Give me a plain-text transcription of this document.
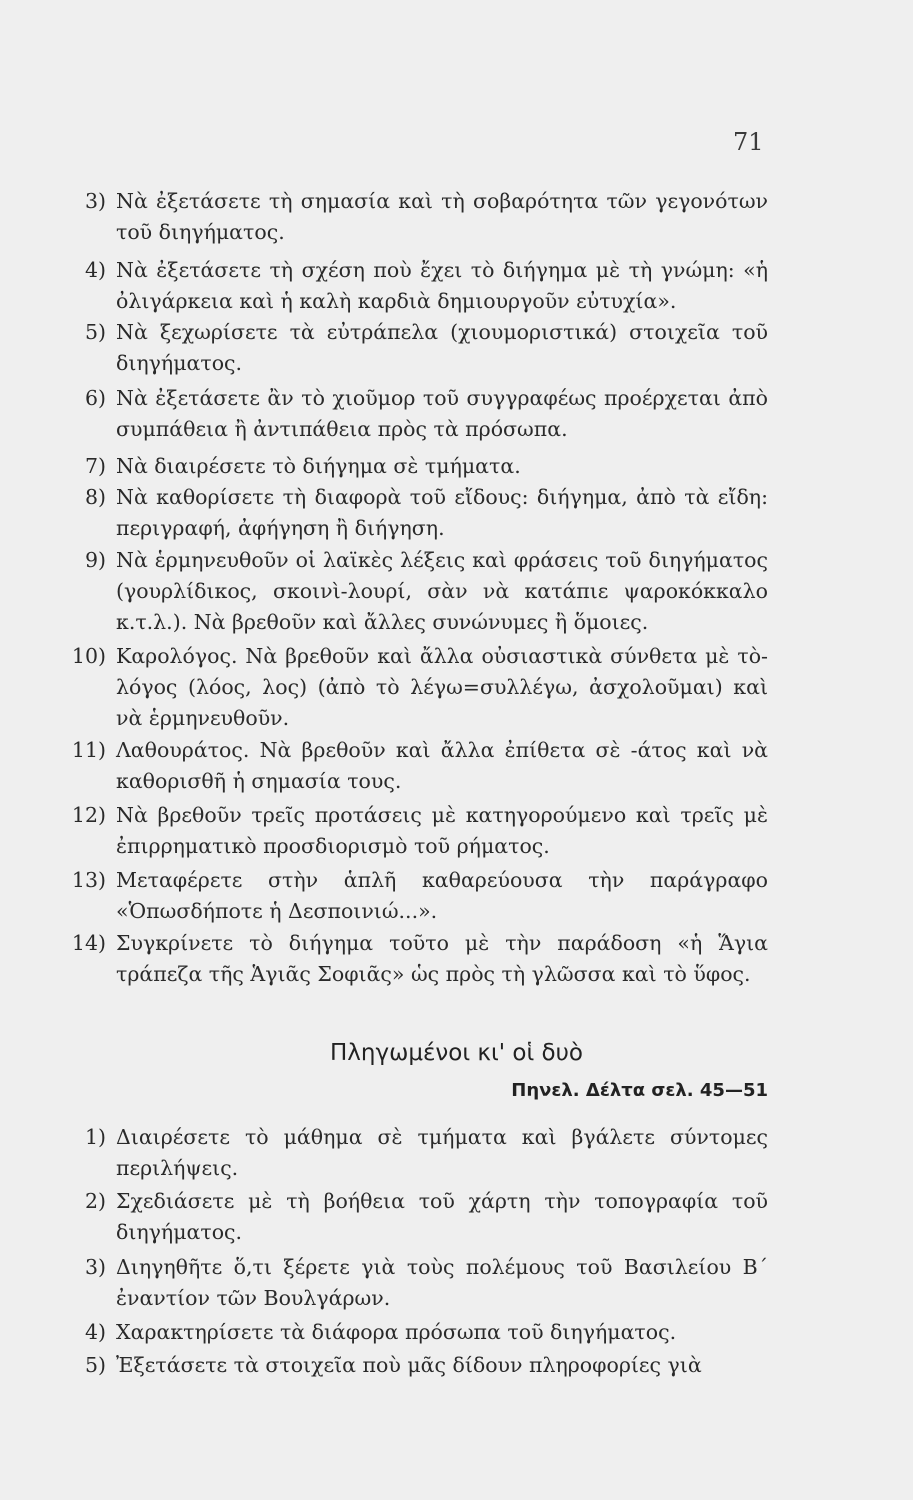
71
3) Νὰ ἐξετάσετε τὴ σημασία καὶ τὴ σοβαρότητα τῶν γεγονότων τοῦ διηγήματος.
4) Νὰ ἐξετάσετε τὴ σχέση ποὺ ἔχει τὸ διήγημα μὲ τὴ γνώμη: «ἡ ὀλιγάρκεια καὶ ἡ καλὴ καρδιὰ δημιουργοῦν εὐτυχία».
5) Νὰ ξεχωρίσετε τὰ εὐτράπελα (χιουμοριστικά) στοιχεῖα τοῦ διηγήματος.
6) Νὰ ἐξετάσετε ἂν τὸ χιοῦμορ τοῦ συγγραφέως προέρχεται ἀπὸ συμπάθεια ἢ ἀντιπάθεια πρὸς τὰ πρόσωπα.
7) Νὰ διαιρέσετε τὸ διήγημα σὲ τμήματα.
8) Νὰ καθορίσετε τὴ διαφορὰ τοῦ εἴδους: διήγημα, ἀπὸ τὰ εἴδη: περιγραφή, ἀφήγηση ἢ διήγηση.
9) Νὰ ἑρμηνευθοῦν οἱ λαϊκὲς λέξεις καὶ φράσεις τοῦ διηγήματος (γουρλίδικος, σκοινὶ-λουρί, σὰν νὰ κατάπιε ψαροκόκκαλο κ.τ.λ.). Νὰ βρεθοῦν καὶ ἄλλες συνώνυμες ἢ ὅμοιες.
10) Καρολόγος. Νὰ βρεθοῦν καὶ ἄλλα οὐσιαστικὰ σύνθετα μὲ τὸ-λόγος (λόος, λος) (ἀπὸ τὸ λέγω=συλλέγω, ἀσχολοῦμαι) καὶ νὰ ἑρμηνευθοῦν.
11) Λαθουράτος. Νὰ βρεθοῦν καὶ ἄλλα ἐπίθετα σὲ -άτος καὶ νὰ καθορισθῆ ἡ σημασία τους.
12) Νὰ βρεθοῦν τρεῖς προτάσεις μὲ κατηγορούμενο καὶ τρεῖς μὲ ἐπιρρηματικὸ προσδιορισμὸ τοῦ ρήματος.
13) Μεταφέρετε στὴν ἁπλῆ καθαρεύουσα τὴν παράγραφο «Ὁπωσδήποτε ἡ Δεσποινιώ...».
14) Συγκρίνετε τὸ διήγημα τοῦτο μὲ τὴν παράδοση «ἡ Ἅγια τράπεζα τῆς Ἁγιᾶς Σοφιᾶς» ὡς πρὸς τὴ γλῶσσα καὶ τὸ ὕφος.
Πληγωμένοι κι' οἱ δυὸ
Πηνελ. Δέλτα σελ. 45—51
1) Διαιρέσετε τὸ μάθημα σὲ τμήματα καὶ βγάλετε σύντομες περιλήψεις.
2) Σχεδιάσετε μὲ τὴ βοήθεια τοῦ χάρτη τὴν τοπογραφία τοῦ διηγήματος.
3) Διηγηθῆτε ὅ,τι ξέρετε γιὰ τοὺς πολέμους τοῦ Βασιλείου Β΄ ἐναντίον τῶν Βουλγάρων.
4) Χαρακτηρίσετε τὰ διάφορα πρόσωπα τοῦ διηγήματος.
5) Ἐξετάσετε τὰ στοιχεῖα ποὺ μᾶς δίδουν πληροφορίες γιὰ
